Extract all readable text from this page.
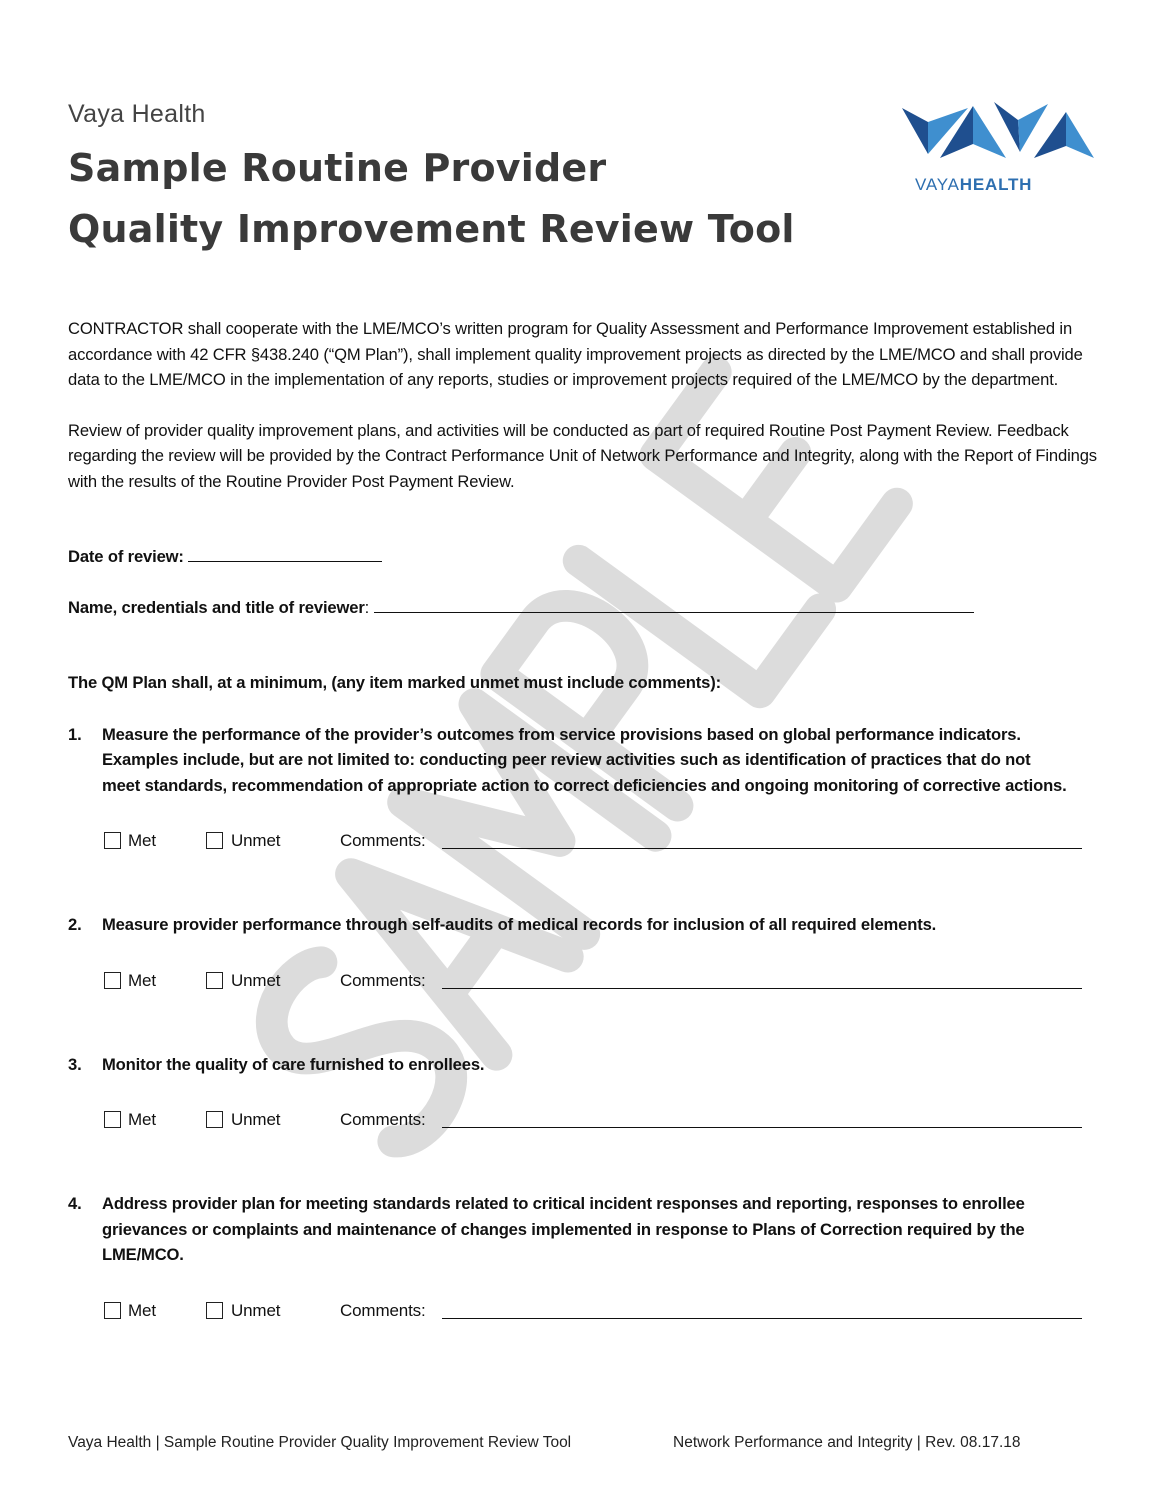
Vaya Health
Sample Routine Provider
Quality Improvement Review Tool
VAYAHEALTH

CONTRACTOR shall cooperate with the LME/MCO’s written program for Quality Assessment and Performance Improvement established in accordance with 42 CFR §438.240 (“QM Plan”), shall implement quality improvement projects as directed by the LME/MCO and shall provide data to the LME/MCO in the implementation of any reports, studies or improvement projects required of the LME/MCO by the department.

Review of provider quality improvement plans, and activities will be conducted as part of required Routine Post Payment Review. Feedback regarding the review will be provided by the Contract Performance Unit of Network Performance and Integrity, along with the Report of Findings with the results of the Routine Provider Post Payment Review.

Date of review:

Name, credentials and title of reviewer:

The QM Plan shall, at a minimum, (any item marked unmet must include comments):

1.	Measure the performance of the provider’s outcomes from service provisions based on global performance indicators. Examples include, but are not limited to: conducting peer review activities such as identification of practices that do not meet standards, recommendation of appropriate action to correct deficiencies and ongoing monitoring of corrective actions.
Met	Unmet	Comments:
2.	Measure provider performance through self-audits of medical records for inclusion of all required elements.
Met	Unmet	Comments:
3.	Monitor the quality of care furnished to enrollees.
Met	Unmet	Comments:
4.	Address provider plan for meeting standards related to critical incident responses and reporting, responses to enrollee grievances or complaints and maintenance of changes implemented in response to Plans of Correction required by the LME/MCO.
Met	Unmet	Comments:
Vaya Health | Sample Routine Provider Quality Improvement Review Tool	Network Performance and Integrity | Rev. 08.17.18
